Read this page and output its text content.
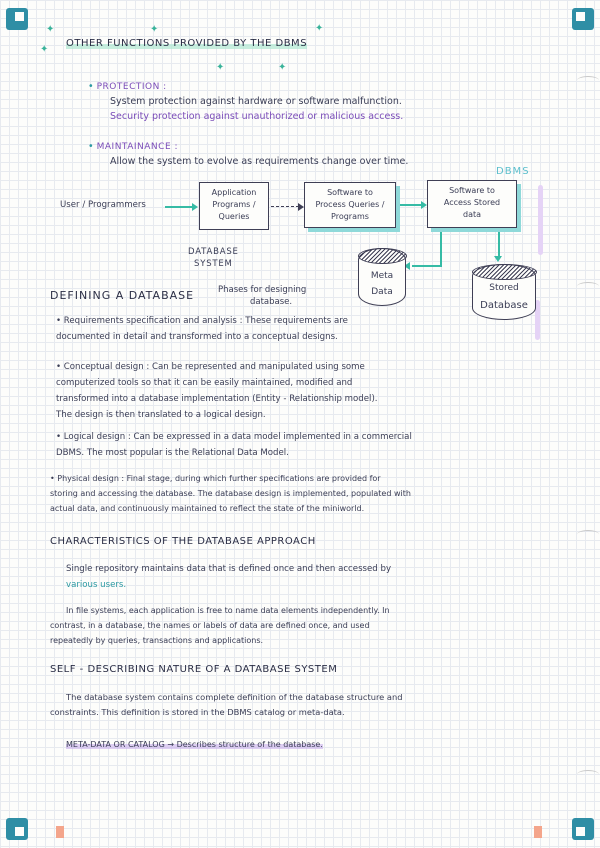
✦
✦
✦
✦	✦
✦
OTHER FUNCTIONS PROVIDED BY THE DBMS
• PROTECTION :
System protection against hardware or software malfunction.
Security protection against unauthorized or malicious access.
• MAINTAINANCE :
Allow the system to evolve as requirements change over time.
User / Programmers
Application
Programs /
Queries
Software to
Process Queries /
Programs
DBMS
Software to
Access Stored
data
Meta
Data	Stored
Database
DATABASE
SYSTEM
DEFINING A DATABASE	Phases for designing
database.
• Requirements specification and analysis : These requirements are
documented in detail and transformed into a conceptual designs.
• Conceptual design : Can be represented and manipulated using some
computerized tools so that it can be easily maintained, modified and
transformed into a database implementation (Entity - Relationship model).
The design is then translated to a logical design.
• Logical design : Can be expressed in a data model implemented in a commercial
DBMS. The most popular is the Relational Data Model.
• Physical design : Final stage, during which further specifications are provided for
storing and accessing the database. The database design is implemented, populated with
actual data, and continuously maintained to reflect the state of the miniworld.
CHARACTERISTICS OF THE DATABASE APPROACH
Single repository maintains data that is defined once and then accessed by
various users.
In file systems, each application is free to name data elements independently. In
contrast, in a database, the names or labels of data are defined once, and used
repeatedly by queries, transactions and applications.
SELF - DESCRIBING NATURE OF A DATABASE SYSTEM
The database system contains complete definition of the database structure and
constraints. This definition is stored in the DBMS catalog or meta-data.
META-DATA OR CATALOG → Describes structure of the database.
